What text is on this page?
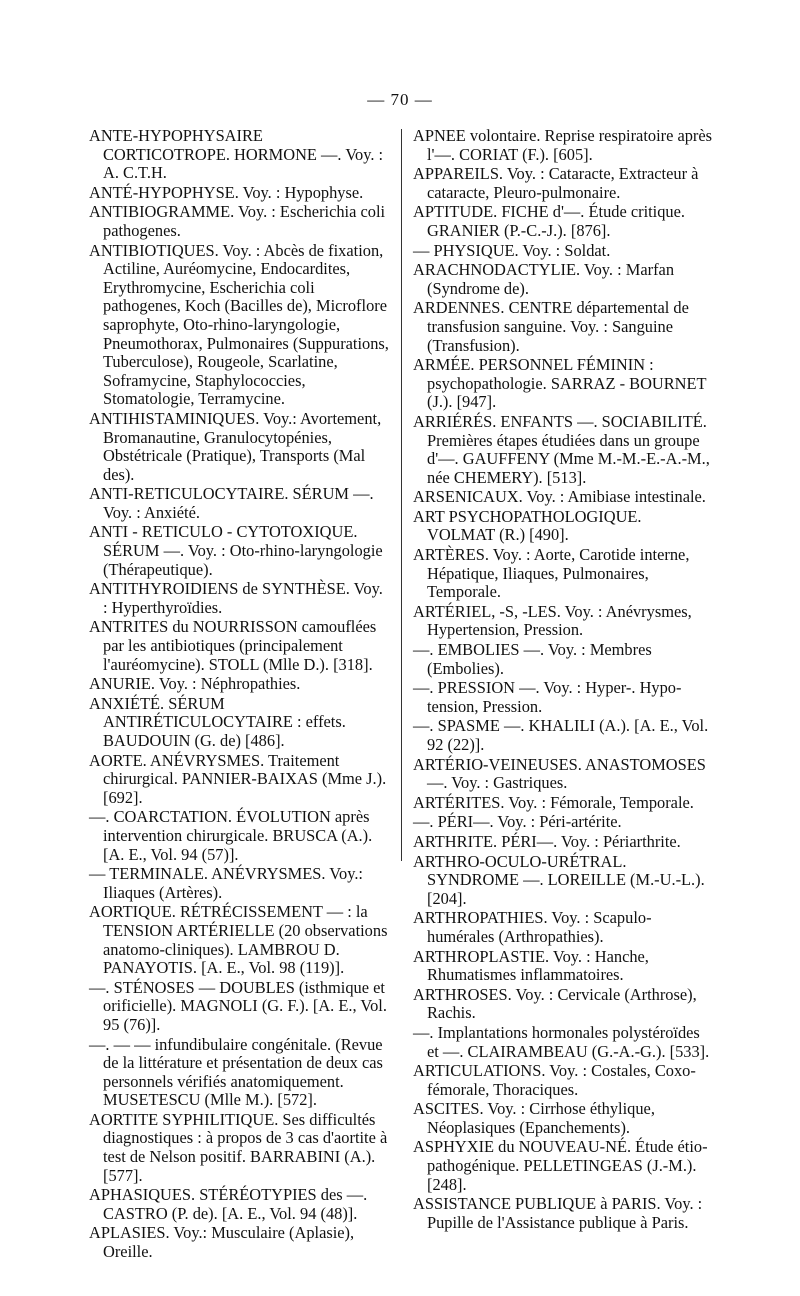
— 70 —

ANTE-HYPOPHYSAIRE CORTICOTROPE. HORMONE —. Voy. : A. C.T.H.

ANTÉ-HYPOPHYSE. Voy. : Hypophyse.

ANTIBIOGRAMME. Voy. : Escherichia coli pathogenes.

ANTIBIOTIQUES. Voy. : Abcès de fixation, Actiline, Auréomycine, Endocardites, Erythromycine, Escherichia coli pathogenes, Koch (Bacilles de), Microflore saprophyte, Oto-rhino-laryngologie, Pneumothorax, Pulmonaires (Suppurations, Tuberculose), Rougeole, Scarlatine, Soframycine, Staphylococcies, Stomatologie, Terramycine.

ANTIHISTAMINIQUES. Voy.: Avortement, Bromanautine, Granulocytopénies, Obstétricale (Pratique), Transports (Mal des).

ANTI-RETICULOCYTAIRE. SÉRUM —. Voy. : Anxiété.

ANTI - RETICULO - CYTOTOXIQUE. SÉRUM —. Voy. : Oto-rhino-laryngologie (Thérapeutique).

ANTITHYROIDIENS de SYNTHÈSE. Voy. : Hyperthyroïdies.

ANTRITES du NOURRISSON camouflées par les antibiotiques (principalement l'auréomycine). STOLL (Mlle D.). [318].

ANURIE. Voy. : Néphropathies.

ANXIÉTÉ. SÉRUM ANTIRÉTICULOCYTAIRE : effets. BAUDOUIN (G. de) [486].

AORTE. ANÉVRYSMES. Traitement chirurgical. PANNIER-BAIXAS (Mme J.). [692].

—. COARCTATION. ÉVOLUTION après intervention chirurgicale. BRUSCA (A.). [A. E., Vol. 94 (57)].

— TERMINALE. ANÉVRYSMES. Voy.: Iliaques (Artères).

AORTIQUE. RÉTRÉCISSEMENT — : la TENSION ARTÉRIELLE (20 observations anatomo-cliniques). LAMBROU D. PANAYOTIS. [A. E., Vol. 98 (119)].

—. STÉNOSES — DOUBLES (isthmique et orificielle). MAGNOLI (G. F.). [A. E., Vol. 95 (76)].

—. — — infundibulaire congénitale. (Revue de la littérature et présentation de deux cas personnels vérifiés anatomiquement. MUSETESCU (Mlle M.). [572].

AORTITE SYPHILITIQUE. Ses difficultés diagnostiques : à propos de 3 cas d'aortite à test de Nelson positif. BARRABINI (A.). [577].

APHASIQUES. STÉRÉOTYPIES des —. CASTRO (P. de). [A. E., Vol. 94 (48)].

APLASIES. Voy.: Musculaire (Aplasie), Oreille.

APNEE volontaire. Reprise respiratoire après l'—. CORIAT (F.). [605].

APPAREILS. Voy. : Cataracte, Extracteur à cataracte, Pleuro-pulmonaire.

APTITUDE. FICHE d'—. Étude critique. GRANIER (P.-C.-J.). [876].

— PHYSIQUE. Voy. : Soldat.

ARACHNODACTYLIE. Voy. : Marfan (Syndrome de).

ARDENNES. CENTRE départemental de transfusion sanguine. Voy. : Sanguine (Transfusion).

ARMÉE. PERSONNEL FÉMININ : psychopathologie. SARRAZ - BOURNET (J.). [947].

ARRIÉRÉS. ENFANTS —. SOCIABILITÉ. Premières étapes étudiées dans un groupe d'—. GAUFFENY (Mme M.-M.-E.-A.-M., née CHEMERY). [513].

ARSENICAUX. Voy. : Amibiase intestinale.

ART PSYCHOPATHOLOGIQUE. VOLMAT (R.) [490].

ARTÈRES. Voy. : Aorte, Carotide interne, Hépatique, Iliaques, Pulmonaires, Temporale.

ARTÉRIEL, -S, -LES. Voy. : Anévrysmes, Hypertension, Pression.

—. EMBOLIES —. Voy. : Membres (Embolies).

—. PRESSION —. Voy. : Hyper-. Hypo-tension, Pression.

—. SPASME —. KHALILI (A.). [A. E., Vol. 92 (22)].

ARTÉRIO-VEINEUSES. ANASTOMOSES —. Voy. : Gastriques.

ARTÉRITES. Voy. : Fémorale, Temporale.

—. PÉRI—. Voy. : Péri-artérite.

ARTHRITE. PÉRI—. Voy. : Périarthrite.

ARTHRO-OCULO-URÉTRAL. SYNDROME —. LOREILLE (M.-U.-L.). [204].

ARTHROPATHIES. Voy. : Scapulo-humérales (Arthropathies).

ARTHROPLASTIE. Voy. : Hanche, Rhumatismes inflammatoires.

ARTHROSES. Voy. : Cervicale (Arthrose), Rachis.

—. Implantations hormonales polystéroïdes et —. CLAIRAMBEAU (G.-A.-G.). [533].

ARTICULATIONS. Voy. : Costales, Coxo-fémorale, Thoraciques.

ASCITES. Voy. : Cirrhose éthylique, Néoplasiques (Epanchements).

ASPHYXIE du NOUVEAU-NÉ. Étude étio-pathogénique. PELLETINGEAS (J.-M.). [248].

ASSISTANCE PUBLIQUE à PARIS. Voy. : Pupille de l'Assistance publique à Paris.
